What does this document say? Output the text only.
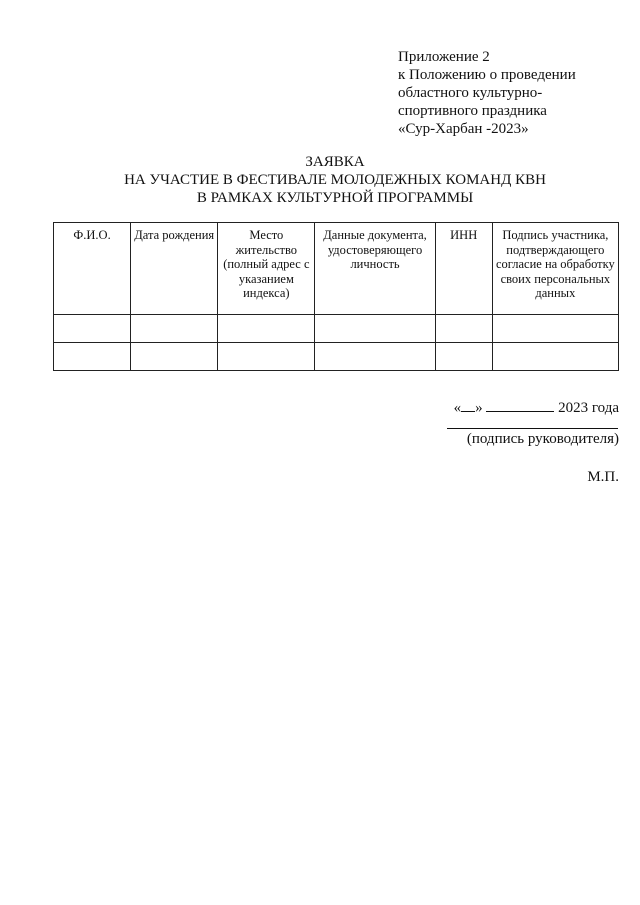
Приложение 2
к Положению о проведении
областного культурно-
спортивного праздника
«Сур-Харбан -2023»
ЗАЯВКА
НА УЧАСТИЕ В ФЕСТИВАЛЕ МОЛОДЕЖНЫХ КОМАНД КВН
В РАМКАХ КУЛЬТУРНОЙ ПРОГРАММЫ
Ф.И.О.	Дата рождения	Место жительство (полный адрес с указанием индекса)	Данные документа, удостоверяющего личность	ИНН	Подпись участника, подтверждающего согласие на обработку своих персональных данных

« »	2023 года
(подпись руководителя)
М.П.
